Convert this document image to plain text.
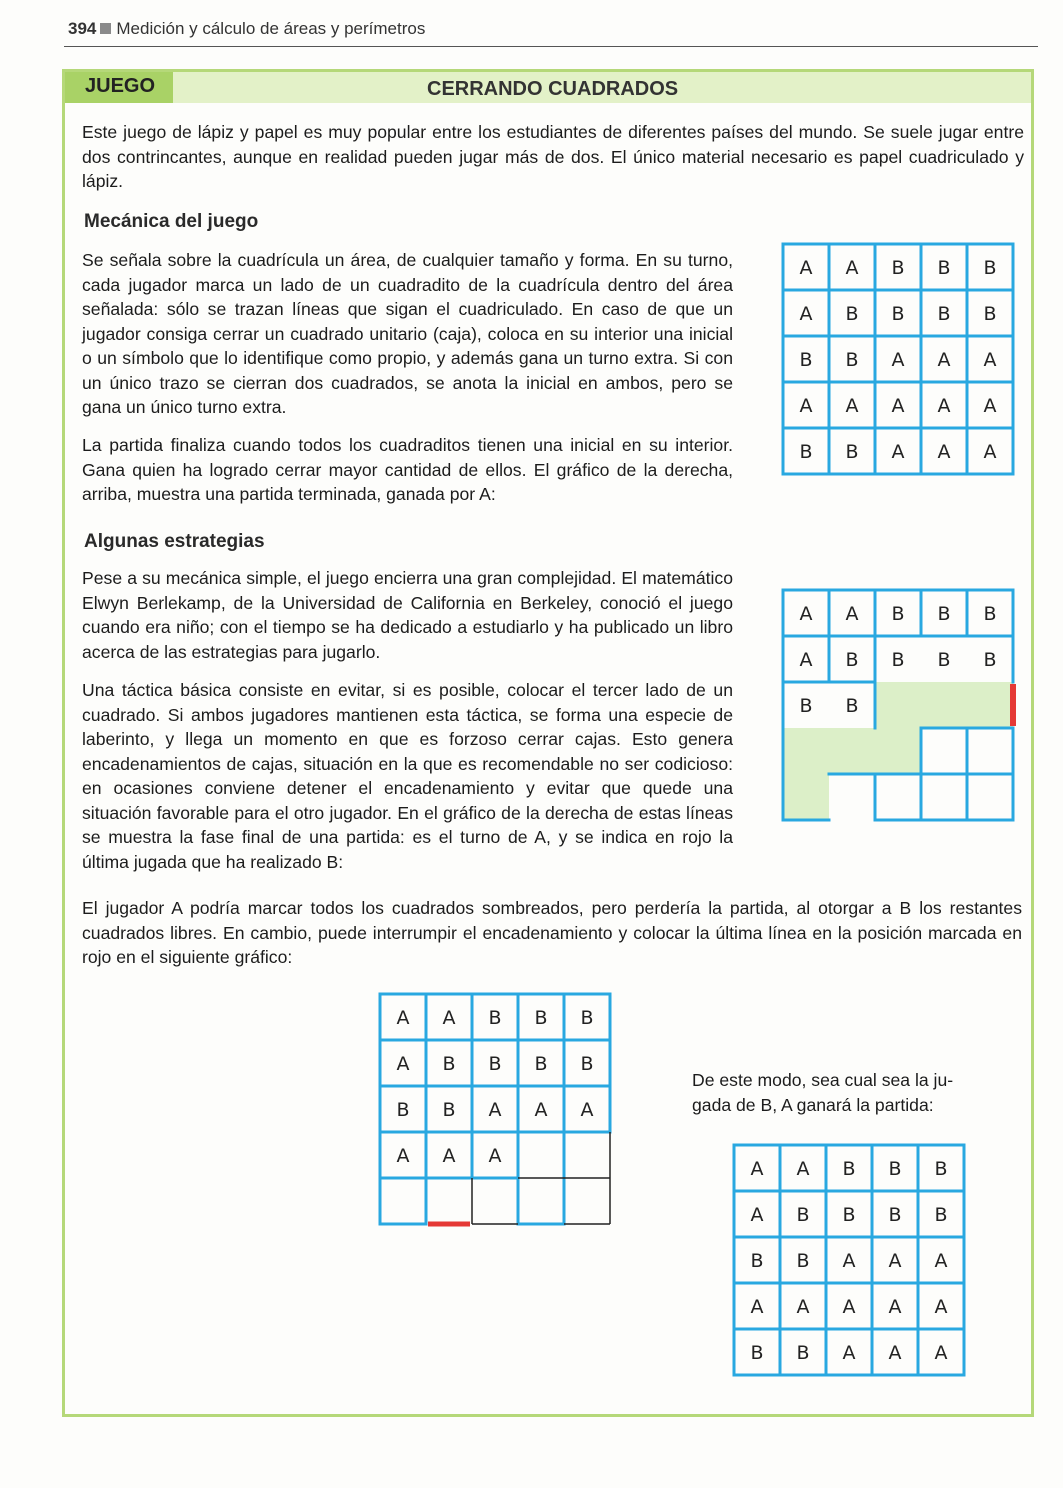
394 Medición y cálculo de áreas y perímetros
JUEGO	CERRANDO CUADRADOS

Este juego de lápiz y papel es muy popular entre los estudiantes de diferentes países del mundo. Se suele jugar entre dos contrincantes, aunque en realidad pueden jugar más de dos. El único material necesario es papel cuadriculado y lápiz.

Mecánica del juego

Se señala sobre la cuadrícula un área, de cualquier tamaño y forma. En su turno, cada jugador marca un lado de un cuadradito de la cuadrícula dentro del área señalada: sólo se trazan líneas que sigan el cuadriculado. En caso de que un jugador consiga cerrar un cuadrado unitario (caja), coloca en su interior una inicial o un símbolo que lo identifique como propio, y además gana un turno extra. Si con un único trazo se cierran dos cuadrados, se anota la inicial en ambos, pero se gana un único turno extra.

La partida finaliza cuando todos los cuadraditos tienen una inicial en su interior. Gana quien ha logrado cerrar mayor cantidad de ellos. El gráfico de la derecha, arriba, muestra una partida terminada, ganada por A:

Algunas estrategias

Pese a su mecánica simple, el juego encierra una gran complejidad. El matemático Elwyn Berlekamp, de la Universidad de California en Berkeley, conoció el juego cuando era niño; con el tiempo se ha dedicado a estudiarlo y ha publicado un libro acerca de las estrategias para jugarlo.

Una táctica básica consiste en evitar, si es posible, colocar el tercer lado de un cuadrado. Si ambos jugadores mantienen esta táctica, se forma una especie de laberinto, y llega un momento en que es forzoso cerrar cajas. Esto genera encadenamientos de cajas, situación en la que es recomendable no ser codicioso: en ocasiones conviene detener el encadenamiento y evitar que quede una situación favorable para el otro jugador. En el gráfico de la derecha de estas líneas se muestra la fase final de una partida: es el turno de A, y se indica en rojo la última jugada que ha realizado B:

El jugador A podría marcar todos los cuadrados sombreados, pero perdería la partida, al otorgar a B los restantes cuadrados libres. En cambio, puede interrumpir el encadenamiento y colocar la última línea en la posición marcada en rojo en el siguiente gráfico:

De este modo, sea cual sea la ju-
gada de B, A ganará la partida:
A A B B B
A B B B B
B B A A A
A A A A A
B B A A A
A A B B B
A B B B B
B B
A A B B B
A B B B B
B B A A A
A A A
A A B B B
A B B B B
B B A A A
A A A A A
B B A A A
